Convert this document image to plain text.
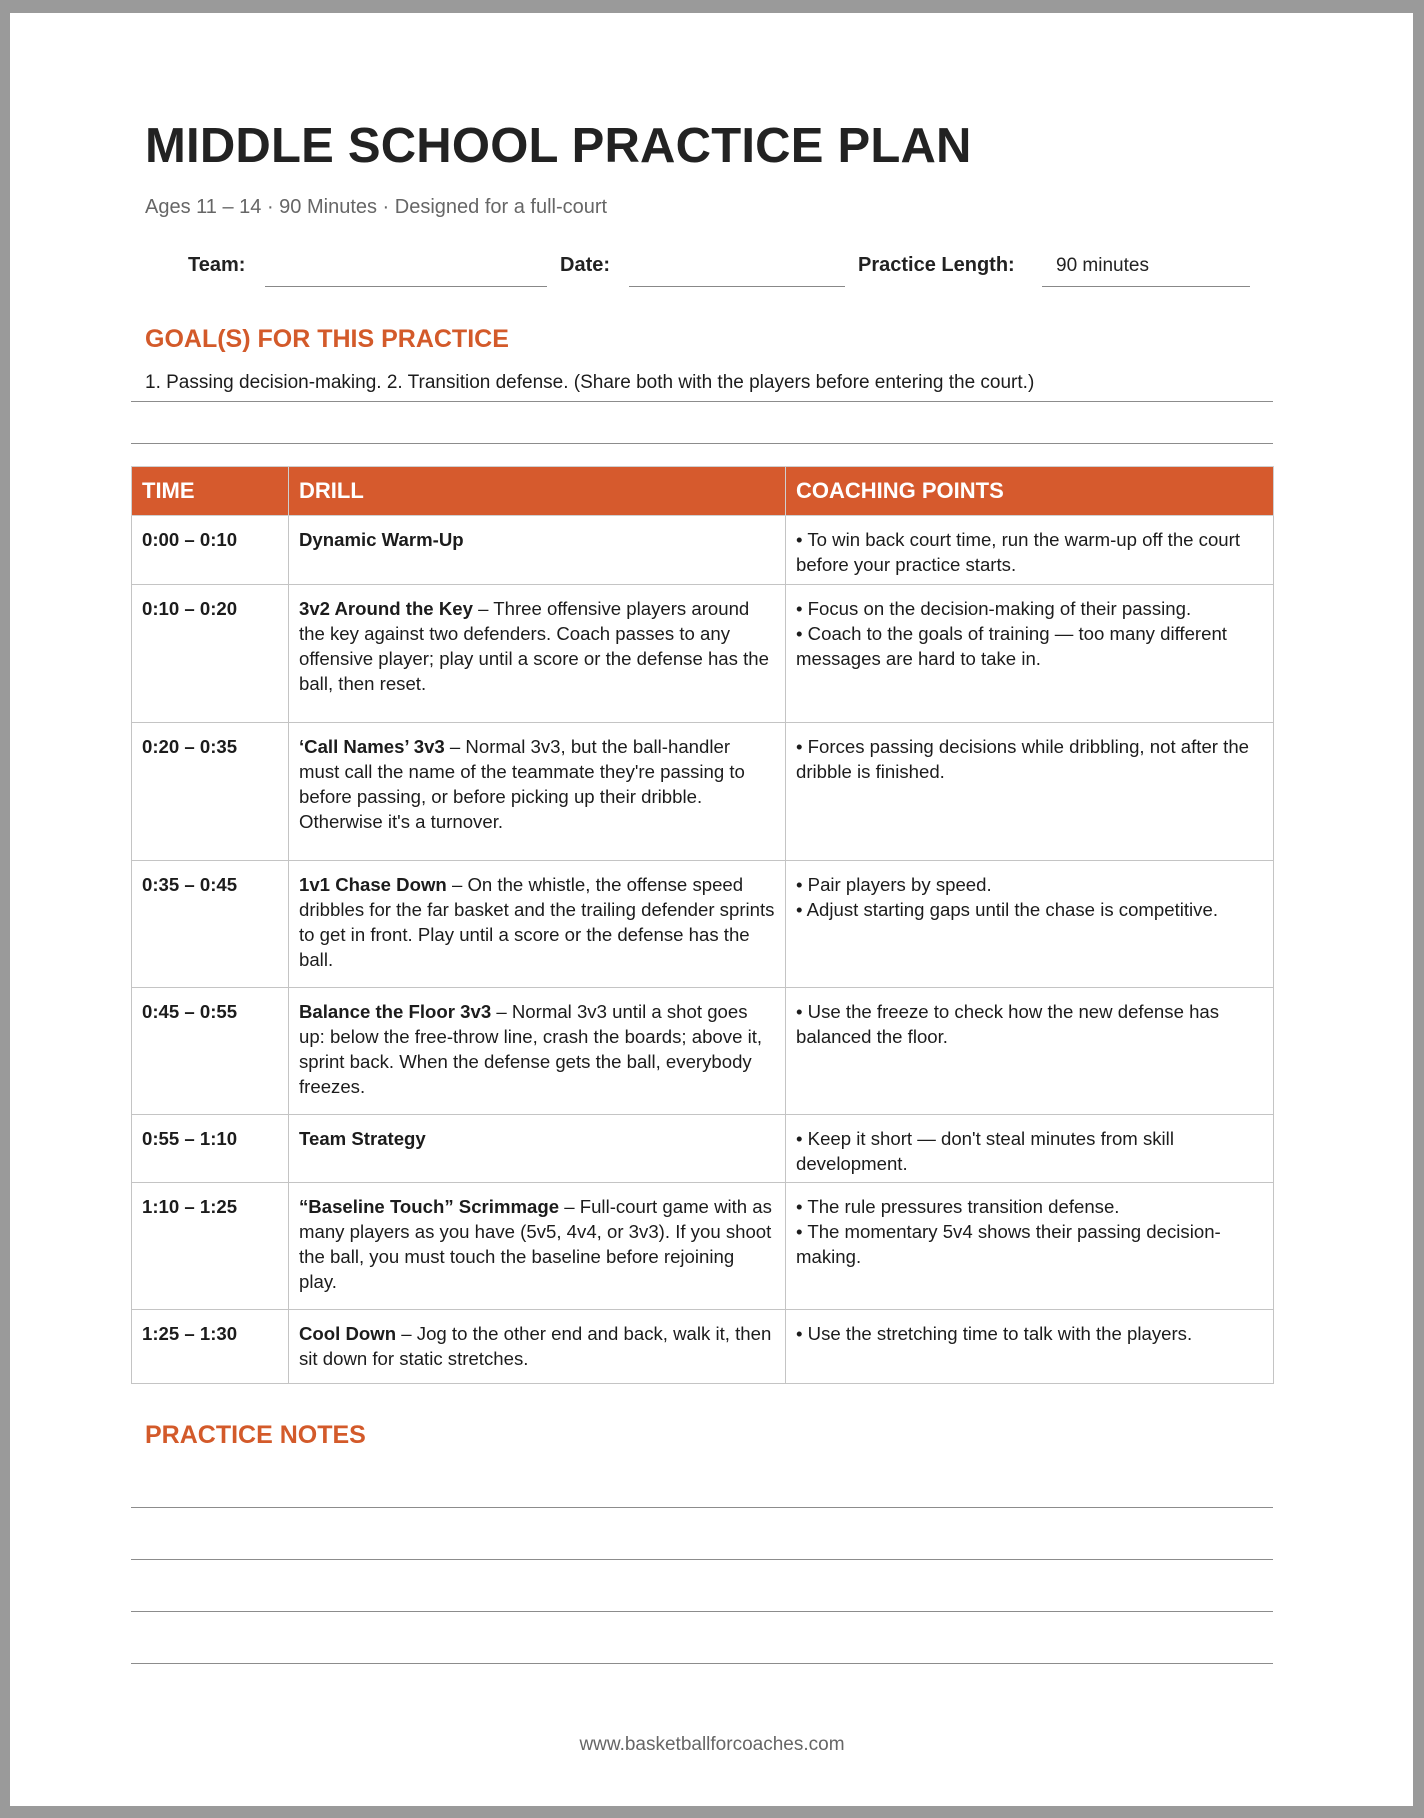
MIDDLE SCHOOL PRACTICE PLAN
Ages 11 – 14 · 90 Minutes · Designed for a full-court
Team:	Date:	Practice Length: 90 minutes
GOAL(S) FOR THIS PRACTICE
1. Passing decision-making. 2. Transition defense. (Share both with the players before entering the court.)
TIME	DRILL	COACHING POINTS
0:00 – 0:10	Dynamic Warm-Up	• To win back court time, run the warm-up off the court before your practice starts.

0:10 – 0:20	3v2 Around the Key – Three offensive players around the key against two defenders. Coach passes to any offensive player; play until a score or the defense has the ball, then reset.	• Focus on the decision-making of their passing.
• Coach to the goals of training — too many different messages are hard to take in.

0:20 – 0:35	‘Call Names’ 3v3 – Normal 3v3, but the ball-handler must call the name of the teammate they're passing to before passing, or before picking up their dribble. Otherwise it's a turnover.	• Forces passing decisions while dribbling, not after the dribble is finished.

0:35 – 0:45	1v1 Chase Down – On the whistle, the offense speed dribbles for the far basket and the trailing defender sprints to get in front. Play until a score or the defense has the ball.	• Pair players by speed.
• Adjust starting gaps until the chase is competitive.

0:45 – 0:55	Balance the Floor 3v3 – Normal 3v3 until a shot goes up: below the free-throw line, crash the boards; above it, sprint back. When the defense gets the ball, everybody freezes.	• Use the freeze to check how the new defense has balanced the floor.

0:55 – 1:10	Team Strategy	• Keep it short — don't steal minutes from skill development.

1:10 – 1:25	“Baseline Touch” Scrimmage – Full-court game with as many players as you have (5v5, 4v4, or 3v3). If you shoot the ball, you must touch the baseline before rejoining play.	• The rule pressures transition defense.
• The momentary 5v4 shows their passing decision-making.

1:25 – 1:30	Cool Down – Jog to the other end and back, walk it, then sit down for static stretches.	• Use the stretching time to talk with the players.
PRACTICE NOTES
www.basketballforcoaches.com
